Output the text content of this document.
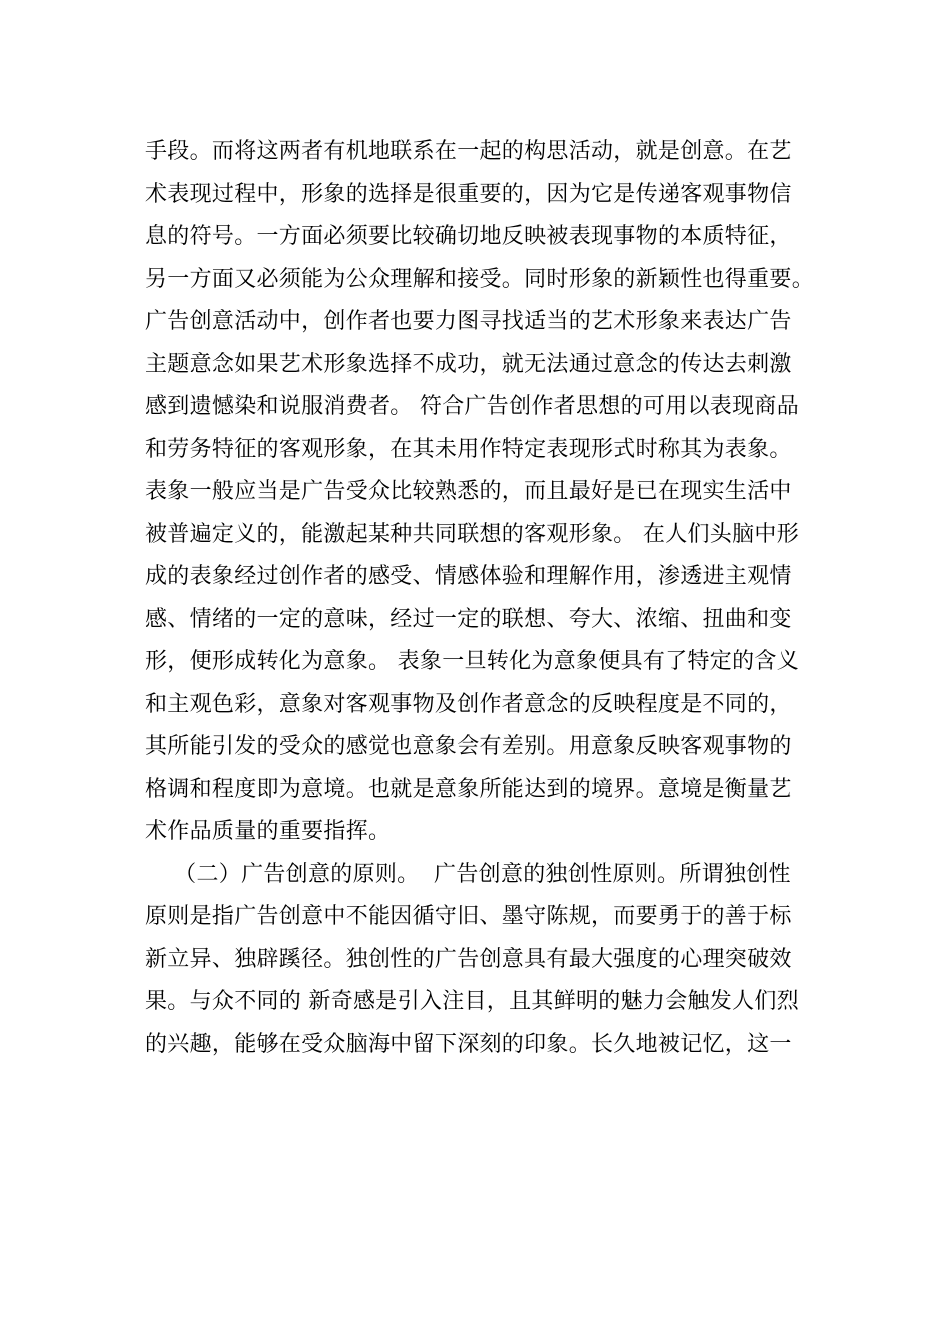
手段。而将这两者有机地联系在一起的构思活动，就是创意。在艺
术表现过程中，形象的选择是很重要的，因为它是传递客观事物信
息的符号。一方面必须要比较确切地反映被表现事物的本质特征，
另一方面又必须能为公众理解和接受。同时形象的新颖性也得重要。
广告创意活动中，创作者也要力图寻找适当的艺术形象来表达广告
主题意念如果艺术形象选择不成功，就无法通过意念的传达去刺激
感到遗憾染和说服消费者。 符合广告创作者思想的可用以表现商品
和劳务特征的客观形象，在其未用作特定表现形式时称其为表象。
表象一般应当是广告受众比较熟悉的，而且最好是已在现实生活中
被普遍定义的，能激起某种共同联想的客观形象。 在人们头脑中形
成的表象经过创作者的感受、情感体验和理解作用，渗透进主观情
感、情绪的一定的意味，经过一定的联想、夸大、浓缩、扭曲和变
形，便形成转化为意象。 表象一旦转化为意象便具有了特定的含义
和主观色彩，意象对客观事物及创作者意念的反映程度是不同的，
其所能引发的受众的感觉也意象会有差别。用意象反映客观事物的
格调和程度即为意境。也就是意象所能达到的境界。意境是衡量艺
术作品质量的重要指挥。
（二）广告创意的原则。  广告创意的独创性原则。所谓独创性
原则是指广告创意中不能因循守旧、墨守陈规，而要勇于的善于标
新立异、独辟蹊径。独创性的广告创意具有最大强度的心理突破效
果。与众不同的 新奇感是引入注目，且其鲜明的魅力会触发人们烈
的兴趣，能够在受众脑海中留下深刻的印象。长久地被记忆，这一
